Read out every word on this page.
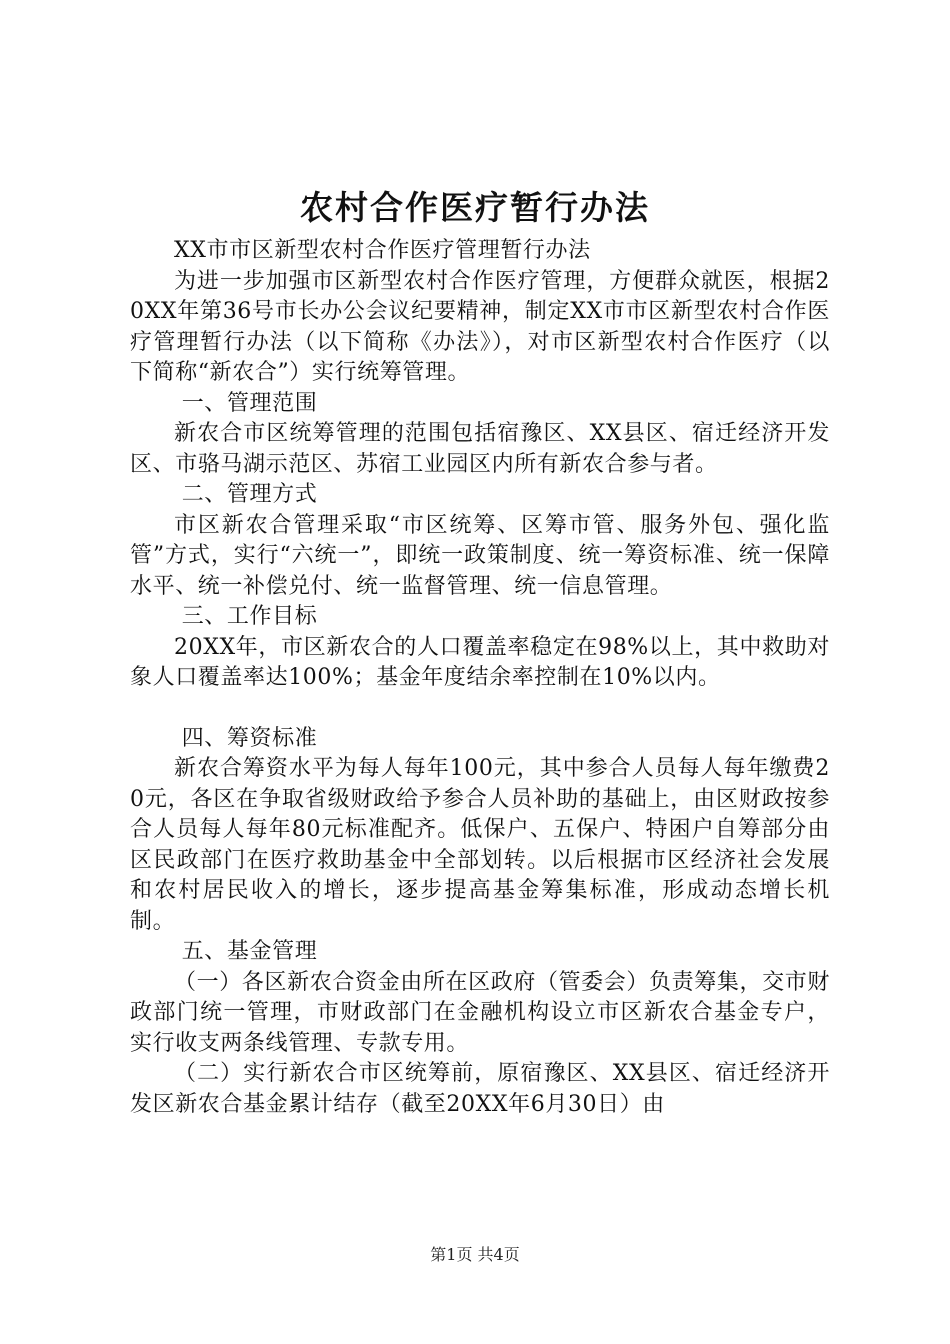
农村合作医疗暂行办法

XX市市区新型农村合作医疗管理暂行办法

为进一步加强市区新型农村合作医疗管理，方便群众就医，根据20XX年第36号市长办公会议纪要精神，制定XX市市区新型农村合作医疗管理暂行办法（以下简称《办法》），对市区新型农村合作医疗（以下简称“新农合”）实行统筹管理。

一、管理范围

新农合市区统筹管理的范围包括宿豫区、XX县区、宿迁经济开发区、市骆马湖示范区、苏宿工业园区内所有新农合参与者。

二、管理方式

市区新农合管理采取“市区统筹、区筹市管、服务外包、强化监管”方式，实行“六统一”，即统一政策制度、统一筹资标准、统一保障水平、统一补偿兑付、统一监督管理、统一信息管理。

三、工作目标

20XX年，市区新农合的人口覆盖率稳定在98%以上，其中救助对象人口覆盖率达100%；基金年度结余率控制在10%以内。

四、筹资标准

新农合筹资水平为每人每年100元，其中参合人员每人每年缴费20元，各区在争取省级财政给予参合人员补助的基础上，由区财政按参合人员每人每年80元标准配齐。低保户、五保户、特困户自筹部分由区民政部门在医疗救助基金中全部划转。以后根据市区经济社会发展和农村居民收入的增长，逐步提高基金筹集标准，形成动态增长机制。

五、基金管理

（一）各区新农合资金由所在区政府（管委会）负责筹集，交市财政部门统一管理，市财政部门在金融机构设立市区新农合基金专户，实行收支两条线管理、专款专用。

（二）实行新农合市区统筹前，原宿豫区、XX县区、宿迁经济开发区新农合基金累计结存（截至20XX年6月30日）由

第1页 共4页
